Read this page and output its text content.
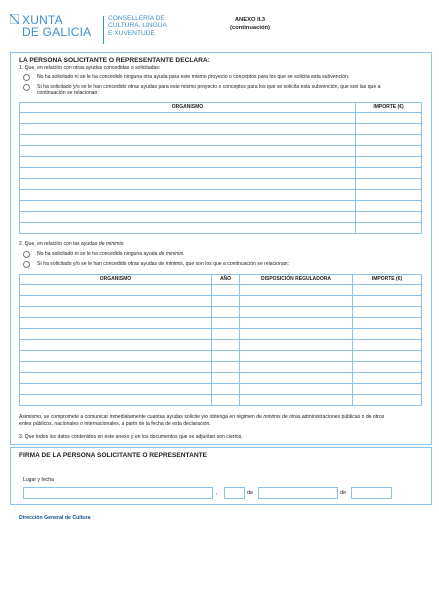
XUNTA
DE GALICIA
CONSELLERÍA DE
CULTURA, LINGUA
E XUVENTUDE
ANEXO II.3
(continuación)
LA PERSONA SOLICITANTE O REPRESENTANTE DECLARA:
1. Que, en relación con otras ayudas concedidas o solicitadas:
No ha solicitado ni se le ha concedido ninguna otra ayuda para este mismo proyecto o conceptos para los que se solicita esta subvención.
Sí ha solicitado y/o se le han concedido otras ayudas para este mismo proyecto o conceptos para los que se solicita esta subvención, que son las que a
continuación se relacionan:
ORGANISMO	IMPORTE (€)

2. Que, en relación con las ayudas de minimis:
No ha solicitado ni se le ha concedido ninguna ayuda de minimis.
Sí ha solicitado y/o se le han concedido otras ayudas de minimis, que son los que a continuación se relacionan:
ORGANISMO	AÑO	DISPOSICIÓN REGULADORA	IMPORTE (€)

Asimismo, se compromete a comunicar inmediatamente cuantas ayudas solicite y/o obtenga en régimen de minimis de otras administraciones públicas o de otros
entes públicos, nacionales o internacionales, a partir de la fecha de esta declaración.
3. Que todos los datos contenidos en este anexo y en los documentos que se adjuntan son ciertos.
FIRMA DE LA PERSONA SOLICITANTE O REPRESENTANTE
Lugar y fecha
,	de	de
Dirección General de Cultura
